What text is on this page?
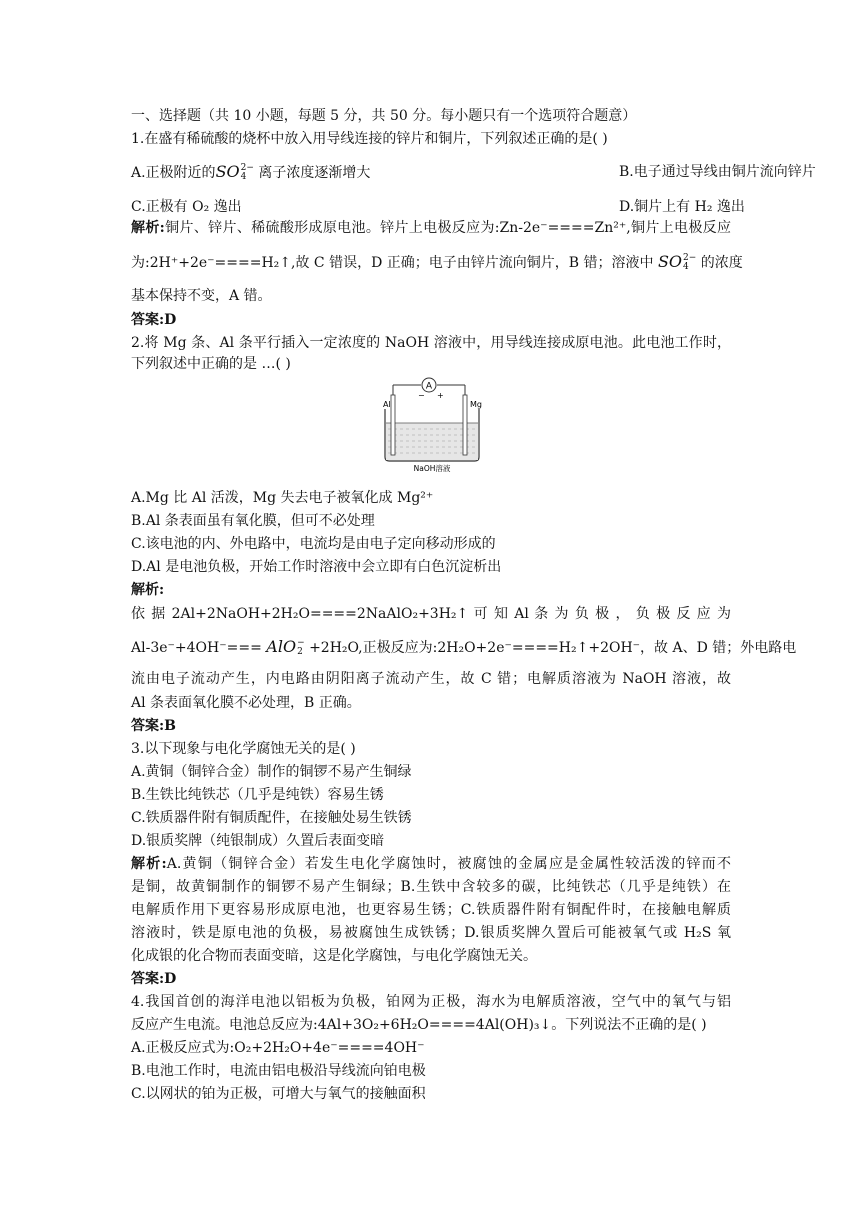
一、选择题（共 10 小题，每题 5 分，共 50 分。每小题只有一个选项符合题意）
1.在盛有稀硫酸的烧杯中放入用导线连接的锌片和铜片，下列叙述正确的是( )
A.正极附近的SO 2−
4 离子浓度逐渐增大	B.电子通过导线由铜片流向锌片
C.正极有 O₂ 逸出	D.铜片上有 H₂ 逸出
解析:铜片、锌片、稀硫酸形成原电池。锌片上电极反应为:Zn-2e⁻====Zn²⁺,铜片上电极反应
为:2H⁺+2e⁻====H₂↑,故 C 错误，D 正确；电子由锌片流向铜片，B 错；溶液中 SO 2−
4 的浓度
基本保持不变，A 错。
答案:D
2.将 Mg 条、Al 条平行插入一定浓度的 NaOH 溶液中，用导线连接成原电池。此电池工作时，
下列叙述中正确的是 …( )
A
− +
Al	Mg
NaOH溶液
A.Mg 比 Al 活泼，Mg 失去电子被氧化成 Mg²⁺
B.Al 条表面虽有氧化膜，但可不必处理
C.该电池的内、外电路中，电流均是由电子定向移动形成的
D.Al 是电池负极，开始工作时溶液中会立即有白色沉淀析出
解析:
依 据 2Al+2NaOH+2H₂O====2NaAlO₂+3H₂↑ 可 知 Al 条 为 负 极 ， 负 极 反 应 为
Al-3e⁻+4OH⁻=== AlO −
2 +2H₂O,正极反应为:2H₂O+2e⁻====H₂↑+2OH⁻，故 A、D 错；外电路电
流由电子流动产生，内电路由阴阳离子流动产生，故 C 错；电解质溶液为 NaOH 溶液，故
Al 条表面氧化膜不必处理，B 正确。
答案:B
3.以下现象与电化学腐蚀无关的是( )
A.黄铜（铜锌合金）制作的铜锣不易产生铜绿
B.生铁比纯铁芯（几乎是纯铁）容易生锈
C.铁质器件附有铜质配件，在接触处易生铁锈
D.银质奖牌（纯银制成）久置后表面变暗
解析:A.黄铜（铜锌合金）若发生电化学腐蚀时，被腐蚀的金属应是金属性较活泼的锌而不
是铜，故黄铜制作的铜锣不易产生铜绿；B.生铁中含较多的碳，比纯铁芯（几乎是纯铁）在
电解质作用下更容易形成原电池，也更容易生锈；C.铁质器件附有铜配件时，在接触电解质
溶液时，铁是原电池的负极，易被腐蚀生成铁锈；D.银质奖牌久置后可能被氧气或 H₂S 氧
化成银的化合物而表面变暗，这是化学腐蚀，与电化学腐蚀无关。
答案:D
4.我国首创的海洋电池以铝板为负极，铂网为正极，海水为电解质溶液，空气中的氧气与铝
反应产生电流。电池总反应为:4Al+3O₂+6H₂O====4Al(OH)₃↓。下列说法不正确的是( )
A.正极反应式为:O₂+2H₂O+4e⁻====4OH⁻
B.电池工作时，电流由铝电极沿导线流向铂电极
C.以网状的铂为正极，可增大与氧气的接触面积
